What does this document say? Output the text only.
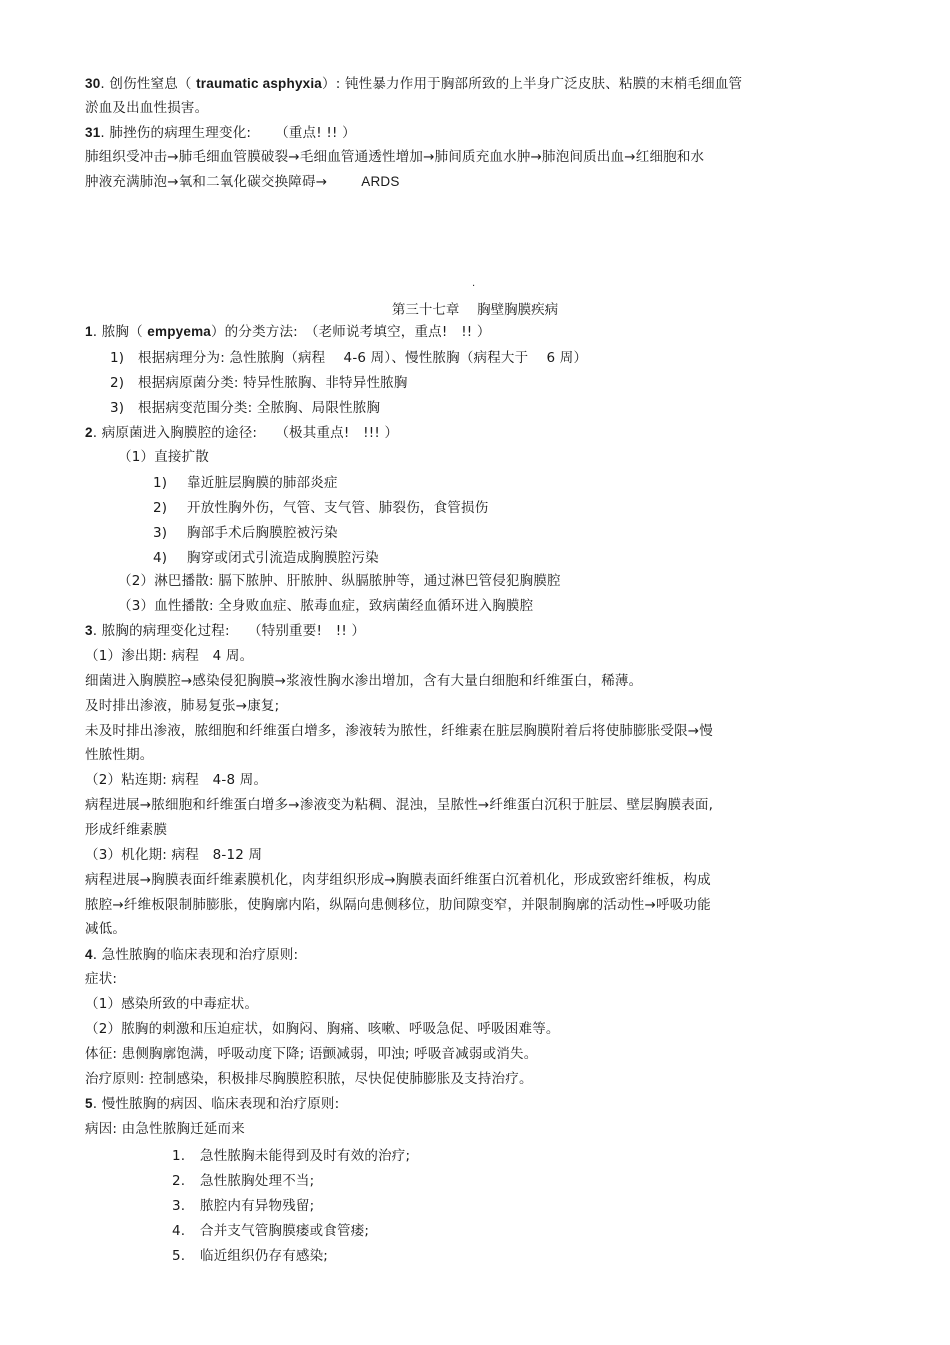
30. 创伤性窒息（ traumatic asphyxia）: 钝性暴力作用于胸部所致的上半身广泛皮肤、粘膜的末梢毛细血管
淤血及出血性损害。
31. 肺挫伤的病理生理变化: （重点! !! ）
肺组织受冲击→肺毛细血管膜破裂→毛细血管通透性增加→肺间质充血水肿→肺泡间质出血→红细胞和水
肿液充满肺泡→氧和二氧化碳交换障碍→	ARDS
.
第三十七章　 胸壁胸膜疾病
1. 脓胸（ empyema）的分类方法:　（老师说考填空，重点!　!! ）
1) 根据病理分为: 急性脓胸（病程　 4-6 周）、慢性脓胸（病程大于　 6 周）
2) 根据病原菌分类: 特异性脓胸、非特异性脓胸
3) 根据病变范围分类: 全脓胸、局限性脓胸
2. 病原菌进入胸膜腔的途径:　 （极其重点!　!!! ）
（1）直接扩散
1) 靠近脏层胸膜的肺部炎症
2) 开放性胸外伤，气管、支气管、肺裂伤，食管损伤
3) 胸部手术后胸膜腔被污染
4) 胸穿或闭式引流造成胸膜腔污染
（2）淋巴播散: 膈下脓肿、肝脓肿、纵膈脓肿等，通过淋巴管侵犯胸膜腔
（3）血性播散: 全身败血症、脓毒血症，致病菌经血循环进入胸膜腔
3. 脓胸的病理变化过程:　 （特别重要!　!! ）
（1）渗出期: 病程　4 周。
细菌进入胸膜腔→感染侵犯胸膜→浆液性胸水渗出增加，含有大量白细胞和纤维蛋白，稀薄。
及时排出渗液，肺易复张→康复;
未及时排出渗液，脓细胞和纤维蛋白增多，渗液转为脓性，纤维素在脏层胸膜附着后将使肺膨胀受限→慢
性脓性期。
（2）粘连期: 病程　4-8 周。
病程进展→脓细胞和纤维蛋白增多→渗液变为粘稠、混浊，呈脓性→纤维蛋白沉积于脏层、壁层胸膜表面,
形成纤维素膜
（3）机化期: 病程　8-12 周
病程进展→胸膜表面纤维素膜机化，肉芽组织形成→胸膜表面纤维蛋白沉着机化，形成致密纤维板，构成
脓腔→纤维板限制肺膨胀，使胸廓内陷，纵隔向患侧移位，肋间隙变窄，并限制胸廓的活动性→呼吸功能
减低。
4. 急性脓胸的临床表现和治疗原则:
症状:
（1）感染所致的中毒症状。
（2）脓胸的刺激和压迫症状，如胸闷、胸痛、咳嗽、呼吸急促、呼吸困难等。
体征: 患侧胸廓饱满，呼吸动度下降; 语颤减弱，叩浊; 呼吸音减弱或消失。
治疗原则: 控制感染，积极排尽胸膜腔积脓，尽快促使肺膨胀及支持治疗。
5. 慢性脓胸的病因、临床表现和治疗原则:
病因: 由急性脓胸迁延而来
1. 急性脓胸未能得到及时有效的治疗;
2. 急性脓胸处理不当;
3. 脓腔内有异物残留;
4. 合并支气管胸膜瘘或食管瘘;
5. 临近组织仍存有感染;
